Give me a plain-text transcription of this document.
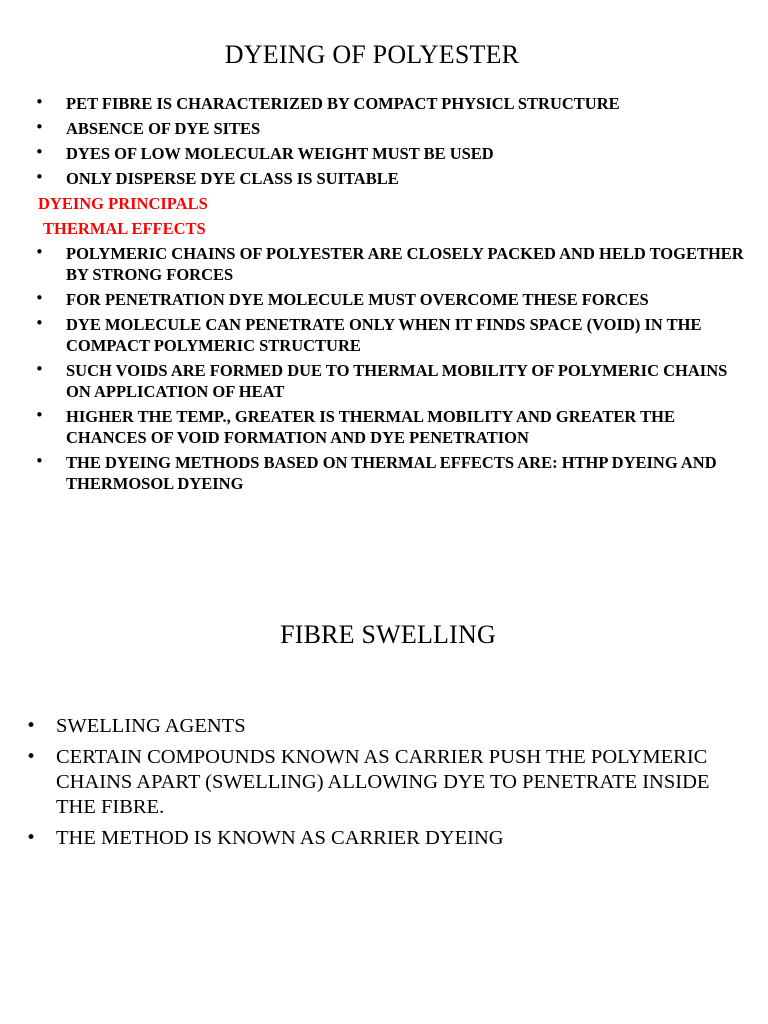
DYEING OF POLYESTER
• PET FIBRE IS CHARACTERIZED BY COMPACT PHYSICL STRUCTURE
• ABSENCE OF DYE SITES
• DYES OF LOW MOLECULAR WEIGHT MUST BE USED
• ONLY DISPERSE DYE CLASS IS SUITABLE
DYEING PRINCIPALS
THERMAL EFFECTS
• POLYMERIC CHAINS OF POLYESTER ARE CLOSELY PACKED AND HELD TOGETHER BY STRONG FORCES
• FOR PENETRATION DYE MOLECULE MUST OVERCOME THESE FORCES
• DYE MOLECULE CAN PENETRATE ONLY WHEN IT FINDS SPACE (VOID) IN THE COMPACT POLYMERIC STRUCTURE
• SUCH VOIDS ARE FORMED DUE TO THERMAL MOBILITY OF POLYMERIC CHAINS ON APPLICATION OF HEAT
• HIGHER THE TEMP., GREATER IS THERMAL MOBILITY AND GREATER THE CHANCES OF VOID FORMATION AND DYE PENETRATION
• THE DYEING METHODS BASED ON THERMAL EFFECTS ARE: HTHP DYEING AND THERMOSOL DYEING
FIBRE SWELLING
• SWELLING AGENTS
• CERTAIN COMPOUNDS KNOWN AS CARRIER PUSH THE POLYMERIC CHAINS APART (SWELLING) ALLOWING DYE TO PENETRATE INSIDE THE FIBRE.
• THE METHOD IS KNOWN AS CARRIER DYEING
